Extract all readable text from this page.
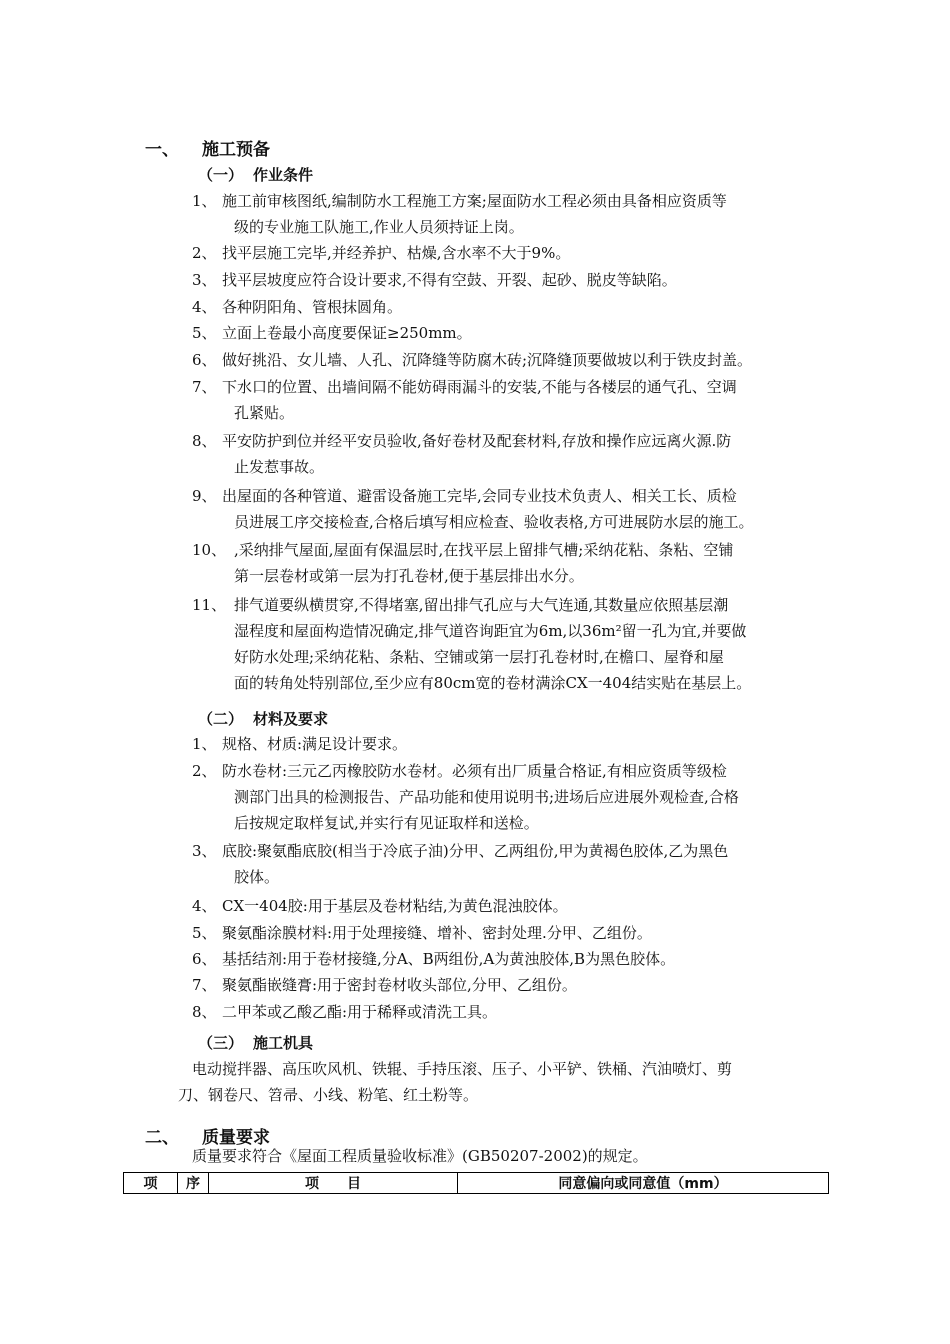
一、 施工预备
（一） 作业条件
1、 施工前审核图纸,编制防水工程施工方案;屋面防水工程必须由具备相应资质等
级的专业施工队施工,作业人员须持证上岗。
2、 找平层施工完毕,并经养护、枯燥,含水率不大于9%。
3、 找平层坡度应符合设计要求,不得有空鼓、开裂、起砂、脱皮等缺陷。
4、 各种阴阳角、管根抹圆角。
5、 立面上卷最小高度要保证≥250mm。
6、 做好挑沿、女儿墙、人孔、沉降缝等防腐木砖;沉降缝顶要做坡以利于铁皮封盖。
7、 下水口的位置、出墙间隔不能妨碍雨漏斗的安装,不能与各楼层的通气孔、空调
孔紧贴。
8、 平安防护到位并经平安员验收,备好卷材及配套材料,存放和操作应远离火源.防
止发惹事故。
9、 出屋面的各种管道、避雷设备施工完毕,会同专业技术负责人、相关工长、质检
员进展工序交接检查,合格后填写相应检查、验收表格,方可进展防水层的施工。
10、 ,采纳排气屋面,屋面有保温层时,在找平层上留排气槽;采纳花粘、条粘、空铺
第一层卷材或第一层为打孔卷材,便于基层排出水分。
11、 排气道要纵横贯穿,不得堵塞,留出排气孔应与大气连通,其数量应依照基层潮
湿程度和屋面构造情况确定,排气道咨询距宜为6m,以36m²留一孔为宜,并要做
好防水处理;采纳花粘、条粘、空铺或第一层打孔卷材时,在檐口、屋脊和屋
面的转角处特别部位,至少应有80cm宽的卷材满涂CX一404结实贴在基层上。
（二） 材料及要求
1、 规格、材质:满足设计要求。
2、 防水卷材:三元乙丙橡胶防水卷材。必须有出厂质量合格证,有相应资质等级检
测部门出具的检测报告、产品功能和使用说明书;进场后应进展外观检查,合格
后按规定取样复试,并实行有见证取样和送检。
3、 底胶:聚氨酯底胶(相当于冷底子油)分甲、乙两组份,甲为黄褐色胶体,乙为黑色
胶体。
4、 CX一404胶:用于基层及卷材粘结,为黄色混浊胶体。
5、 聚氨酯涂膜材料:用于处理接缝、增补、密封处理.分甲、乙组份。
6、 基括结剂:用于卷材接缝,分A、B两组份,A为黄浊胶体,B为黑色胶体。
7、 聚氨酯嵌缝膏:用于密封卷材收头部位,分甲、乙组份。
8、 二甲苯或乙酸乙酯:用于稀释或清洗工具。
（三） 施工机具
电动搅拌器、高压吹风机、铁辊、手持压滚、压子、小平铲、铁桶、汽油喷灯、剪
刀、钢卷尺、笤帚、小线、粉笔、红土粉等。
二、 质量要求
质量要求符合《屋面工程质量验收标准》(GB50207-2002)的规定。
项	序	项　　目	同意偏向或同意值（mm）
